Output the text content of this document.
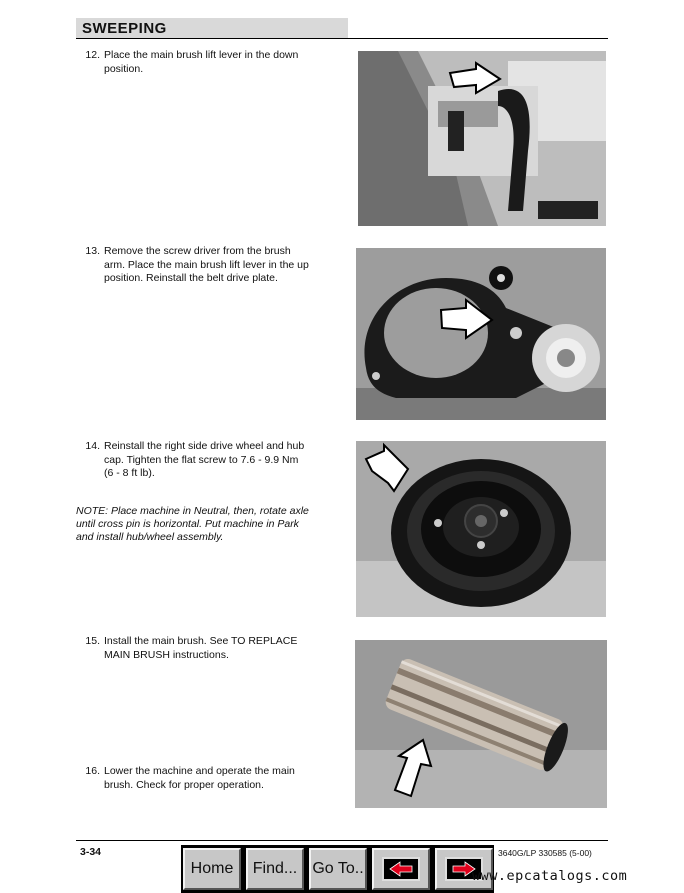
SWEEPING
12. Place the main brush lift lever in the down
position.
13. Remove the screw driver from the brush
arm. Place the main brush lift lever in the up
position. Reinstall the belt drive plate.
14. Reinstall the right side drive wheel and hub
cap. Tighten the flat screw to 7.6 - 9.9 Nm
(6 - 8 ft lb).
NOTE: Place machine in Neutral, then, rotate axle
until cross pin is horizontal. Put machine in Park
and install hub/wheel assembly.
15. Install the main brush. See TO REPLACE
MAIN BRUSH instructions.
16. Lower the machine and operate the main
brush. Check for proper operation.
3-34	3640G/LP 330585 (5-00)
Home	Find... Go To..	www.epcatalogs.com
